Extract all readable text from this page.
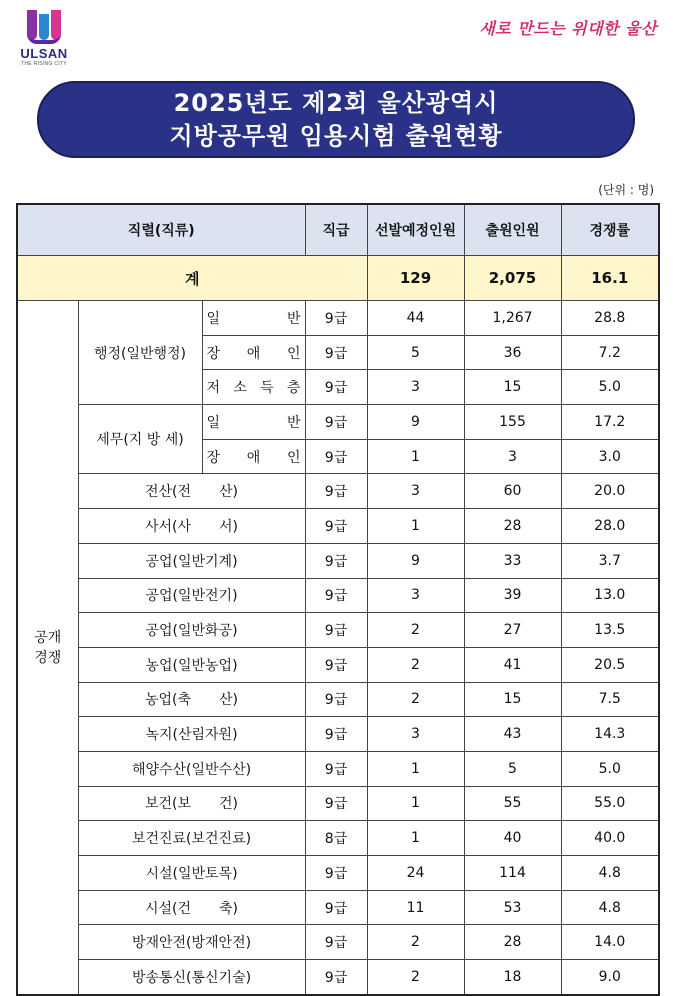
ULSAN
THE RISING CITY
새로 만드는 위대한 울산
2025년도 제2회 울산광역시
지방공무원 임용시험 출원현황
(단위 : 명)
직렬(직류)			직급	선발예정인원	출원인원	경쟁률
계				129	2,075	16.1
공개
경쟁	행정(일반행정)	일 반	9급	44	1,267	28.8

		장 애 인	9급	5	36	7.2

		저 소 득 층	9급	3	15	5.0
	세무(지 방 세)	일 반	9급	9	155	17.2

		장 애 인	9급	1	3	3.0
	전산(전　　산)		9급	3	60	20.0
	사서(사　　서)		9급	1	28	28.0
	공업(일반기계)		9급	9	33	3.7
	공업(일반전기)		9급	3	39	13.0
	공업(일반화공)		9급	2	27	13.5
	농업(일반농업)		9급	2	41	20.5
	농업(축　　산)		9급	2	15	7.5
	녹지(산림자원)		9급	3	43	14.3
	해양수산(일반수산)		9급	1	5	5.0
	보건(보　　건)		9급	1	55	55.0
	보건진료(보건진료)		8급	1	40	40.0
	시설(일반토목)		9급	24	114	4.8
	시설(건　　축)		9급	11	53	4.8
	방재안전(방재안전)		9급	2	28	14.0
	방송통신(통신기술)		9급	2	18	9.0
